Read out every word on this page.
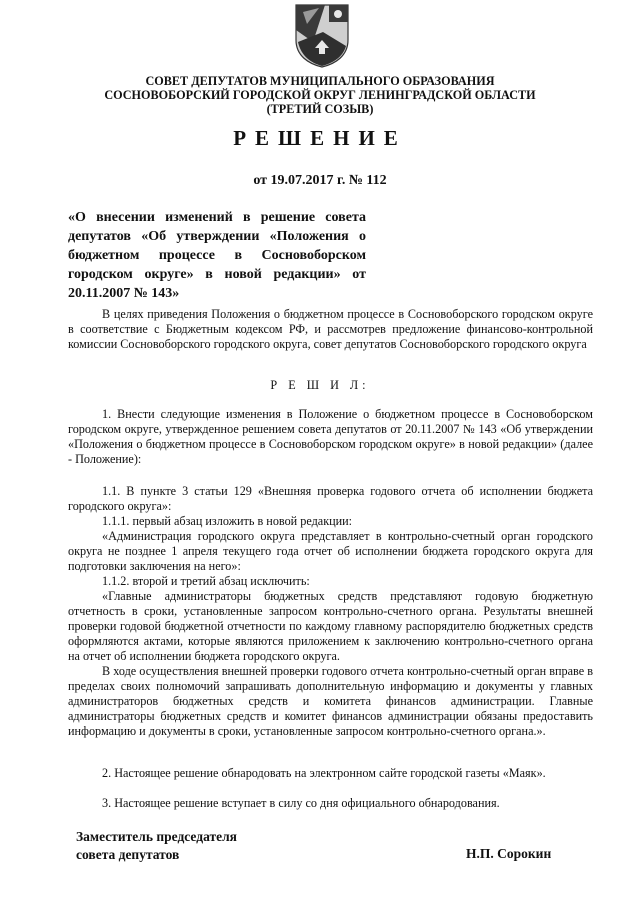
СОВЕТ ДЕПУТАТОВ МУНИЦИПАЛЬНОГО ОБРАЗОВАНИЯ
СОСНОВОБОРСКИЙ ГОРОДСКОЙ ОКРУГ ЛЕНИНГРАДСКОЙ ОБЛАСТИ
(ТРЕТИЙ СОЗЫВ)
РЕШЕНИЕ
от 19.07.2017 г. № 112
«О внесении изменений в решение совета депутатов «Об утверждении «Положения о бюджетном процессе в Сосновоборском городском округе» в новой редакции» от 20.11.2007 № 143»

В целях приведения Положения о бюджетном процессе в Сосновоборского городском округе в соответствие с Бюджетным кодексом РФ, и рассмотрев предложение финансово-контрольной комиссии Сосновоборского городского округа, совет депутатов Сосновоборского городского округа

Р Е Ш И Л:

1. Внести следующие изменения в Положение о бюджетном процессе в Сосновоборском городском округе, утвержденное решением совета депутатов от 20.11.2007 № 143 «Об утверждении «Положения о бюджетном процессе в Сосновоборском городском округе» в новой редакции» (далее - Положение):

1.1. В пункте 3 статьи 129 «Внешняя проверка годового отчета об исполнении бюджета городского округа»:

1.1.1. первый абзац изложить в новой редакции:

«Администрация городского округа представляет в контрольно-счетный орган городского округа не позднее 1 апреля текущего года отчет об исполнении бюджета городского округа для подготовки заключения на него»:

1.1.2. второй и третий абзац исключить:

«Главные администраторы бюджетных средств представляют годовую бюджетную отчетность в сроки, установленные запросом контрольно-счетного органа. Результаты внешней проверки годовой бюджетной отчетности по каждому главному распорядителю бюджетных средств оформляются актами, которые являются приложением к заключению контрольно-счетного органа на отчет об исполнении бюджета городского округа.

В ходе осуществления внешней проверки годового отчета контрольно-счетный орган вправе в пределах своих полномочий запрашивать дополнительную информацию и документы у главных администраторов бюджетных средств и комитета финансов администрации. Главные администраторы бюджетных средств и комитет финансов администрации обязаны предоставить информацию и документы в сроки, установленные запросом контрольно-счетного органа.».

2. Настоящее решение обнародовать на электронном сайте городской газеты «Маяк».

3. Настоящее решение вступает в силу со дня официального обнародования.

Заместитель председателя
совета депутатов	Н.П. Сорокин
